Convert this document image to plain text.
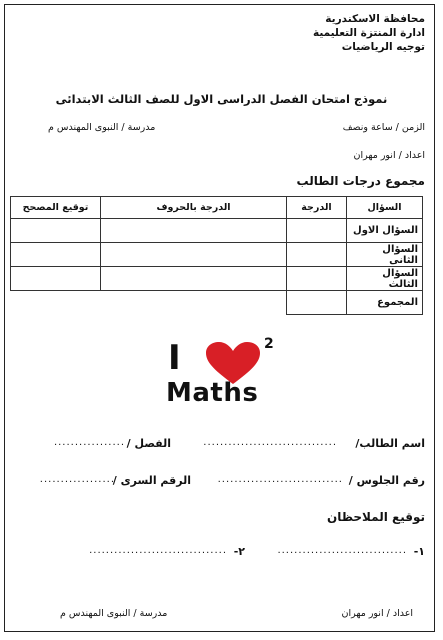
محافظة الاسكندرية
ادارة المنتزة التعليمية
توجيه الرياضيات
نموذج امتحان الفصل الدراسى الاول للصف الثالث الابتدائى
الزمن / ساعة ونصف
مدرسة / النبوى المهندس م
اعداد / انور مهران
مجموع درجات الطالب
السؤال	الدرجة	الدرجة بالحروف	توقيع المصحح
السؤال الاول			
السؤال الثانى			
السؤال الثالث			
المجموع			
I	2
Maths
اسم الطالب/
................................
الفصل /
.................
رقم الجلوس /
..............................
الرقم السرى /
..................
توقيع الملاحظان
١-
...............................
٢-
.................................
اعداد / انور مهران
مدرسة / النبوى المهندس م
